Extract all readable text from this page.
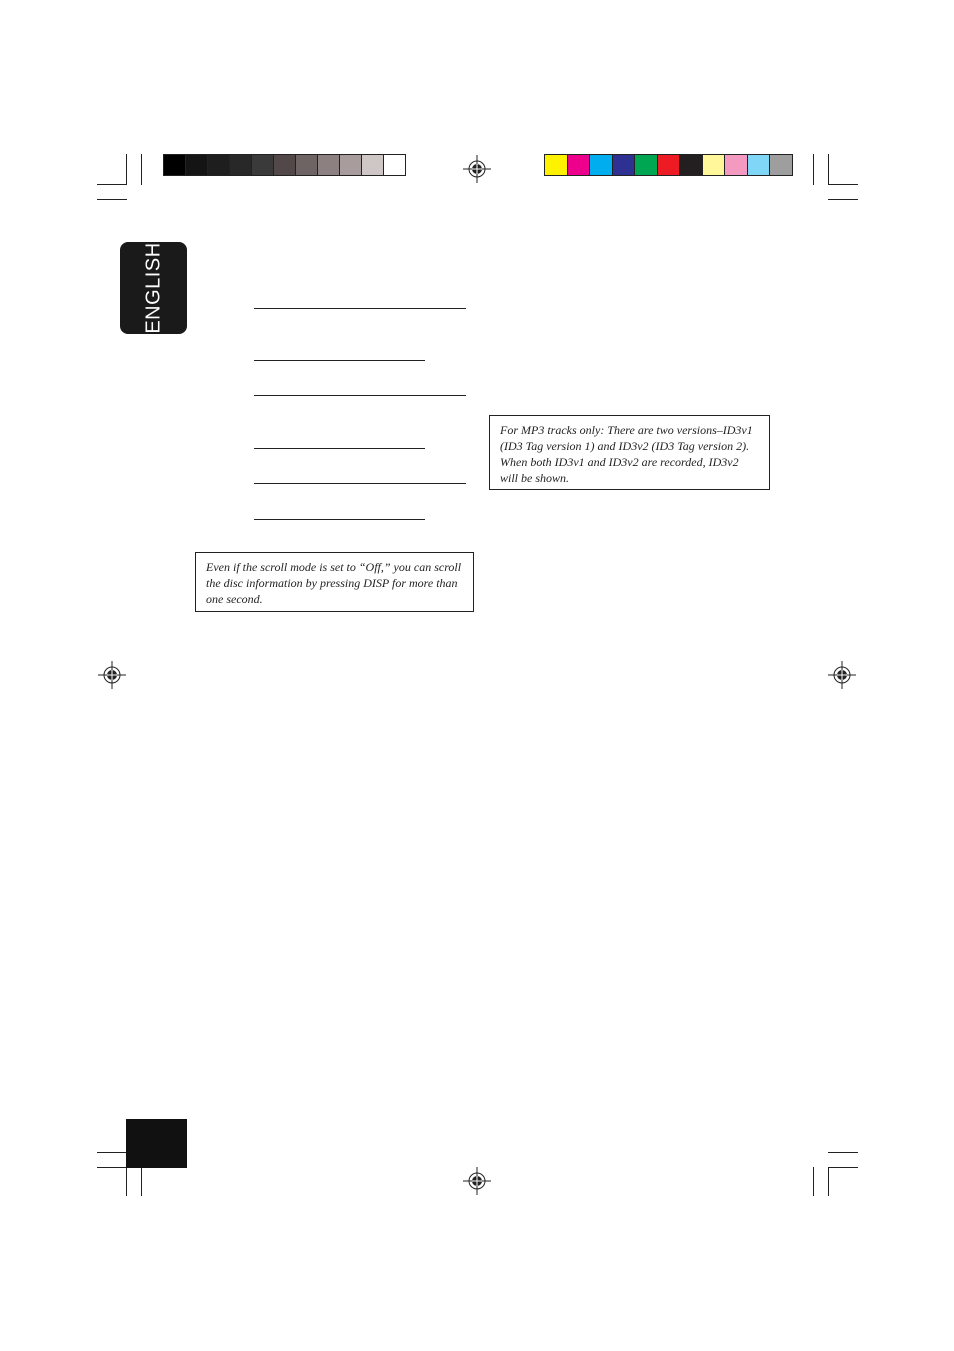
ENGLISH
For MP3 tracks only: There are two versions–ID3v1 (ID3 Tag version 1) and ID3v2 (ID3 Tag version 2). When both ID3v1 and ID3v2 are recorded, ID3v2 will be shown.
Even if the scroll mode is set to “Off,” you can scroll the disc information by pressing DISP for more than one second.
